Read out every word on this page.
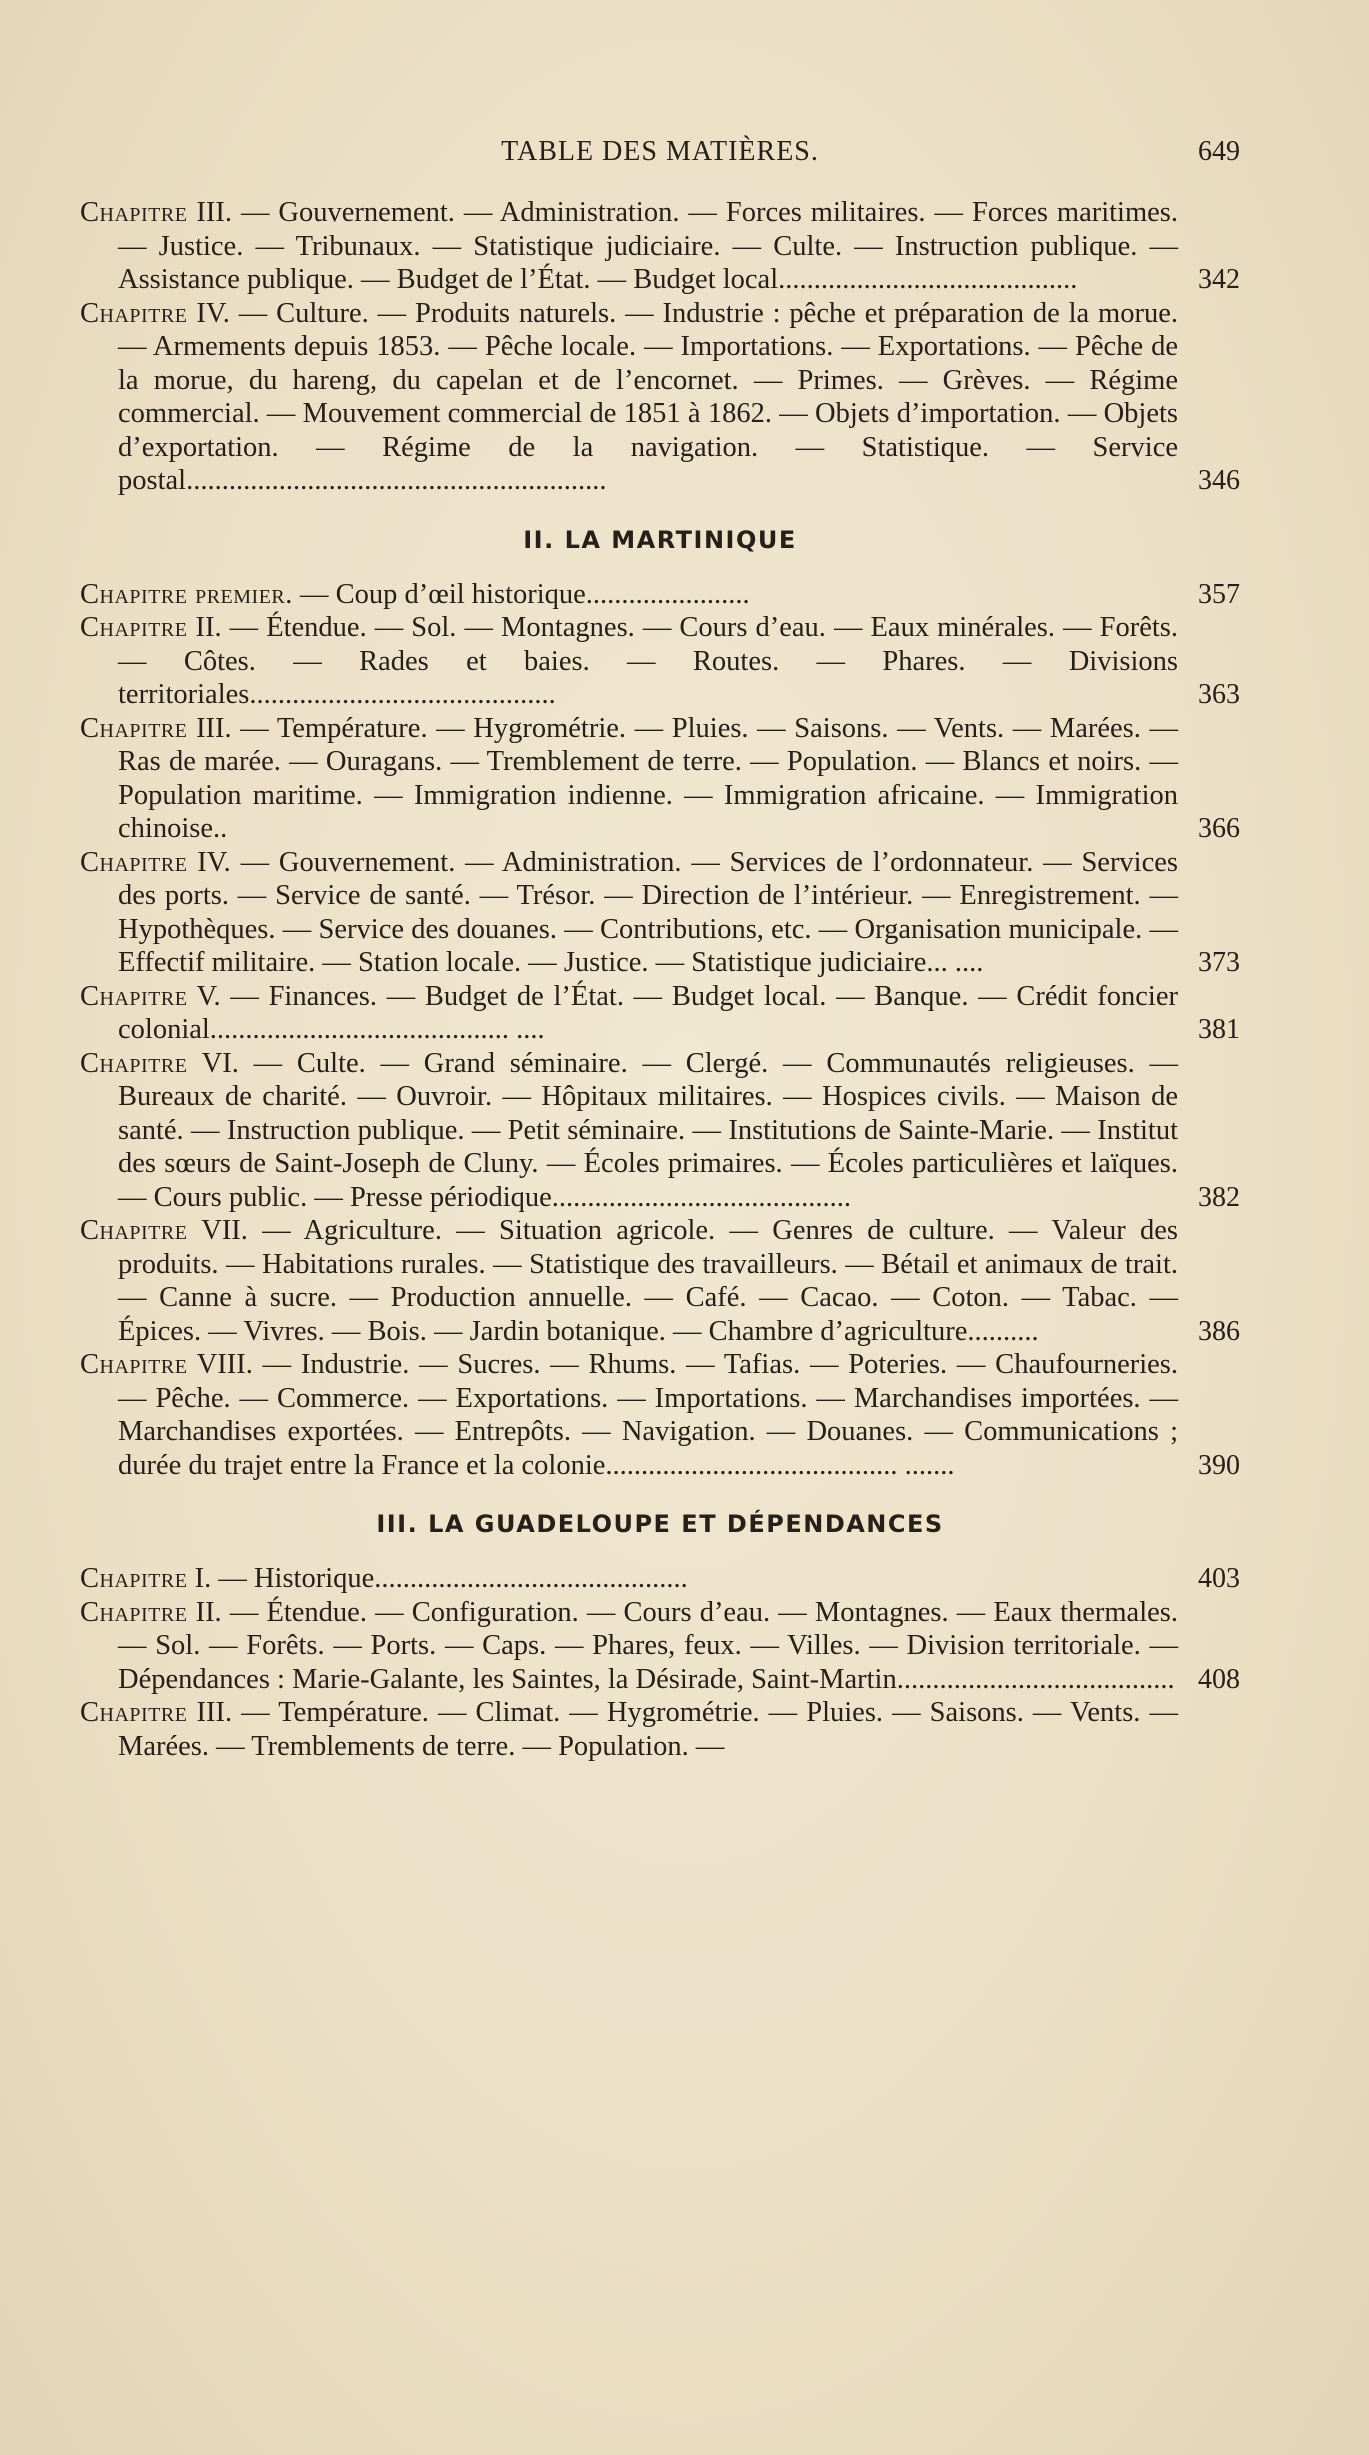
TABLE DES MATIÈRES.	649
Chapitre III. — Gouvernement. — Administration. — Forces militaires. — Forces maritimes. — Justice. — Tribunaux. — Statistique judiciaire. — Culte. — Instruction publique. — Assistance publique. — Budget de l’État. — Budget local..........................................	342
Chapitre IV. — Culture. — Produits naturels. — Industrie : pêche et préparation de la morue. — Armements depuis 1853. — Pêche locale. — Importations. — Exportations. — Pêche de la morue, du hareng, du capelan et de l’encornet. — Primes. — Grèves. — Régime commercial. — Mouvement commercial de 1851 à 1862. — Objets d’importation. — Objets d’exportation. — Régime de la navigation. — Statistique. — Service postal...........................................................	346
II. LA MARTINIQUE
Chapitre premier. — Coup d’œil historique.......................	357
Chapitre II. — Étendue. — Sol. — Montagnes. — Cours d’eau. — Eaux minérales. — Forêts. — Côtes. — Rades et baies. — Routes. — Phares. — Divisions territoriales...........................................	363
Chapitre III. — Température. — Hygrométrie. — Pluies. — Saisons. — Vents. — Marées. — Ras de marée. — Ouragans. — Tremblement de terre. — Population. — Blancs et noirs. — Population maritime. — Immigration indienne. — Immigration africaine. — Immigration chinoise..	366
Chapitre IV. — Gouvernement. — Administration. — Services de l’ordonnateur. — Services des ports. — Service de santé. — Trésor. — Direction de l’intérieur. — Enregistrement. — Hypothèques. — Service des douanes. — Contributions, etc. — Organisation municipale. — Effectif militaire. — Station locale. — Justice. — Statistique judiciaire... ....	373
Chapitre V. — Finances. — Budget de l’État. — Budget local. — Banque. — Crédit foncier colonial.......................................... ....	381
Chapitre VI. — Culte. — Grand séminaire. — Clergé. — Communautés religieuses. — Bureaux de charité. — Ouvroir. — Hôpitaux militaires. — Hospices civils. — Maison de santé. — Instruction publique. — Petit séminaire. — Institutions de Sainte-Marie. — Institut des sœurs de Saint-Joseph de Cluny. — Écoles primaires. — Écoles particulières et laïques. — Cours public. — Presse périodique..........................................	382
Chapitre VII. — Agriculture. — Situation agricole. — Genres de culture. — Valeur des produits. — Habitations rurales. — Statistique des travailleurs. — Bétail et animaux de trait. — Canne à sucre. — Production annuelle. — Café. — Cacao. — Coton. — Tabac. — Épices. — Vivres. — Bois. — Jardin botanique. — Chambre d’agriculture..........	386
Chapitre VIII. — Industrie. — Sucres. — Rhums. — Tafias. — Poteries. — Chaufourneries. — Pêche. — Commerce. — Exportations. — Importations. — Marchandises importées. — Marchandises exportées. — Entrepôts. — Navigation. — Douanes. — Communications ; durée du trajet entre la France et la colonie......................................... .......	390
III. LA GUADELOUPE ET DÉPENDANCES
Chapitre I. — Historique............................................	403
Chapitre II. — Étendue. — Configuration. — Cours d’eau. — Montagnes. — Eaux thermales. — Sol. — Forêts. — Ports. — Caps. — Phares, feux. — Villes. — Division territoriale. — Dépendances : Marie-Galante, les Saintes, la Désirade, Saint-Martin....................................... 408
Chapitre III. — Température. — Climat. — Hygrométrie. — Pluies. — Saisons. — Vents. — Marées. — Tremblements de terre. — Population. —
